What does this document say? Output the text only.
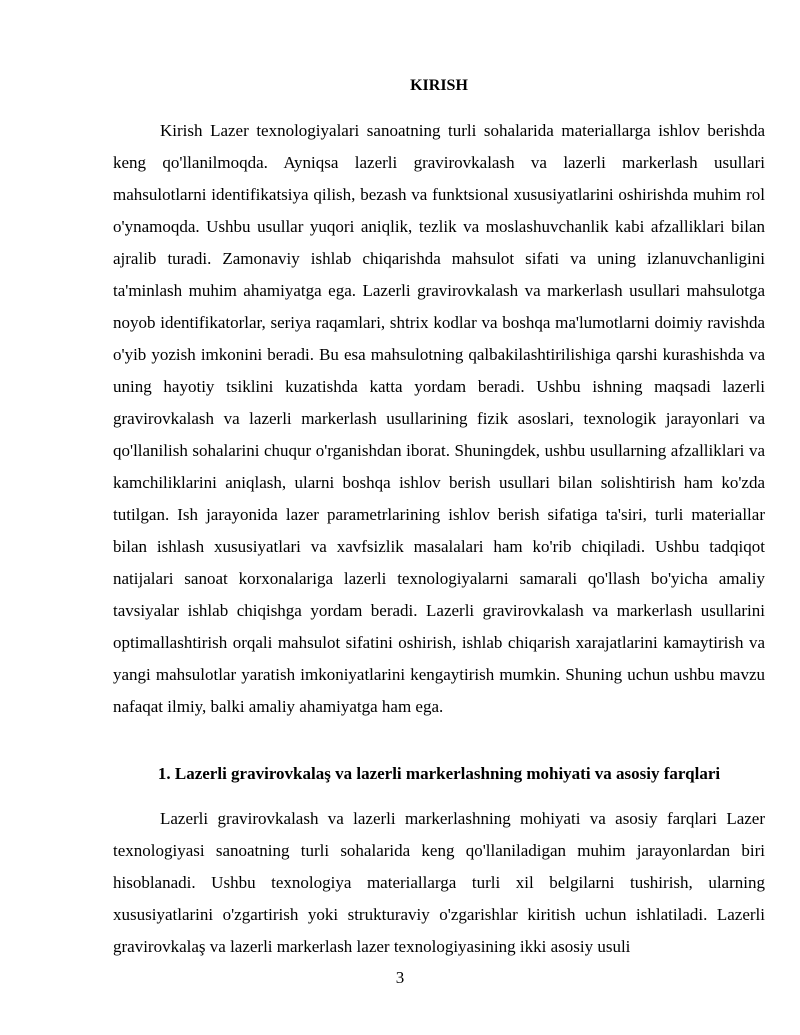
KIRISH

Kirish Lazer texnologiyalari sanoatning turli sohalarida materiallarga ishlov berishda keng qo'llanilmoqda. Ayniqsa lazerli gravirovkalash va lazerli markerlash usullari mahsulotlarni identifikatsiya qilish, bezash va funktsional xususiyatlarini oshirishda muhim rol o'ynamoqda. Ushbu usullar yuqori aniqlik, tezlik va moslashuvchanlik kabi afzalliklari bilan ajralib turadi. Zamonaviy ishlab chiqarishda mahsulot sifati va uning izlanuvchanligini ta'minlash muhim ahamiyatga ega. Lazerli gravirovkalash va markerlash usullari mahsulotga noyob identifikatorlar, seriya raqamlari, shtrix kodlar va boshqa ma'lumotlarni doimiy ravishda o'yib yozish imkonini beradi. Bu esa mahsulotning qalbakilashtirilishiga qarshi kurashishda va uning hayotiy tsiklini kuzatishda katta yordam beradi. Ushbu ishning maqsadi lazerli gravirovkalash va lazerli markerlash usullarining fizik asoslari, texnologik jarayonlari va qo'llanilish sohalarini chuqur o'rganishdan iborat. Shuningdek, ushbu usullarning afzalliklari va kamchiliklarini aniqlash, ularni boshqa ishlov berish usullari bilan solishtirish ham ko'zda tutilgan. Ish jarayonida lazer parametrlarining ishlov berish sifatiga ta'siri, turli materiallar bilan ishlash xususiyatlari va xavfsizlik masalalari ham ko'rib chiqiladi. Ushbu tadqiqot natijalari sanoat korxonalariga lazerli texnologiyalarni samarali qo'llash bo'yicha amaliy tavsiyalar ishlab chiqishga yordam beradi. Lazerli gravirovkalash va markerlash usullarini optimallashtirish orqali mahsulot sifatini oshirish, ishlab chiqarish xarajatlarini kamaytirish va yangi mahsulotlar yaratish imkoniyatlarini kengaytirish mumkin. Shuning uchun ushbu mavzu nafaqat ilmiy, balki amaliy ahamiyatga ham ega.

1. Lazerli gravirovkalaş va lazerli markerlashning mohiyati va asosiy farqlari

Lazerli gravirovkalash va lazerli markerlashning mohiyati va asosiy farqlari Lazer texnologiyasi sanoatning turli sohalarida keng qo'llaniladigan muhim jarayonlardan biri hisoblanadi. Ushbu texnologiya materiallarga turli xil belgilarni tushirish, ularning xususiyatlarini o'zgartirish yoki strukturaviy o'zgarishlar kiritish uchun ishlatiladi. Lazerli gravirovkalaş va lazerli markerlash lazer texnologiyasining ikki asosiy usuli

3
